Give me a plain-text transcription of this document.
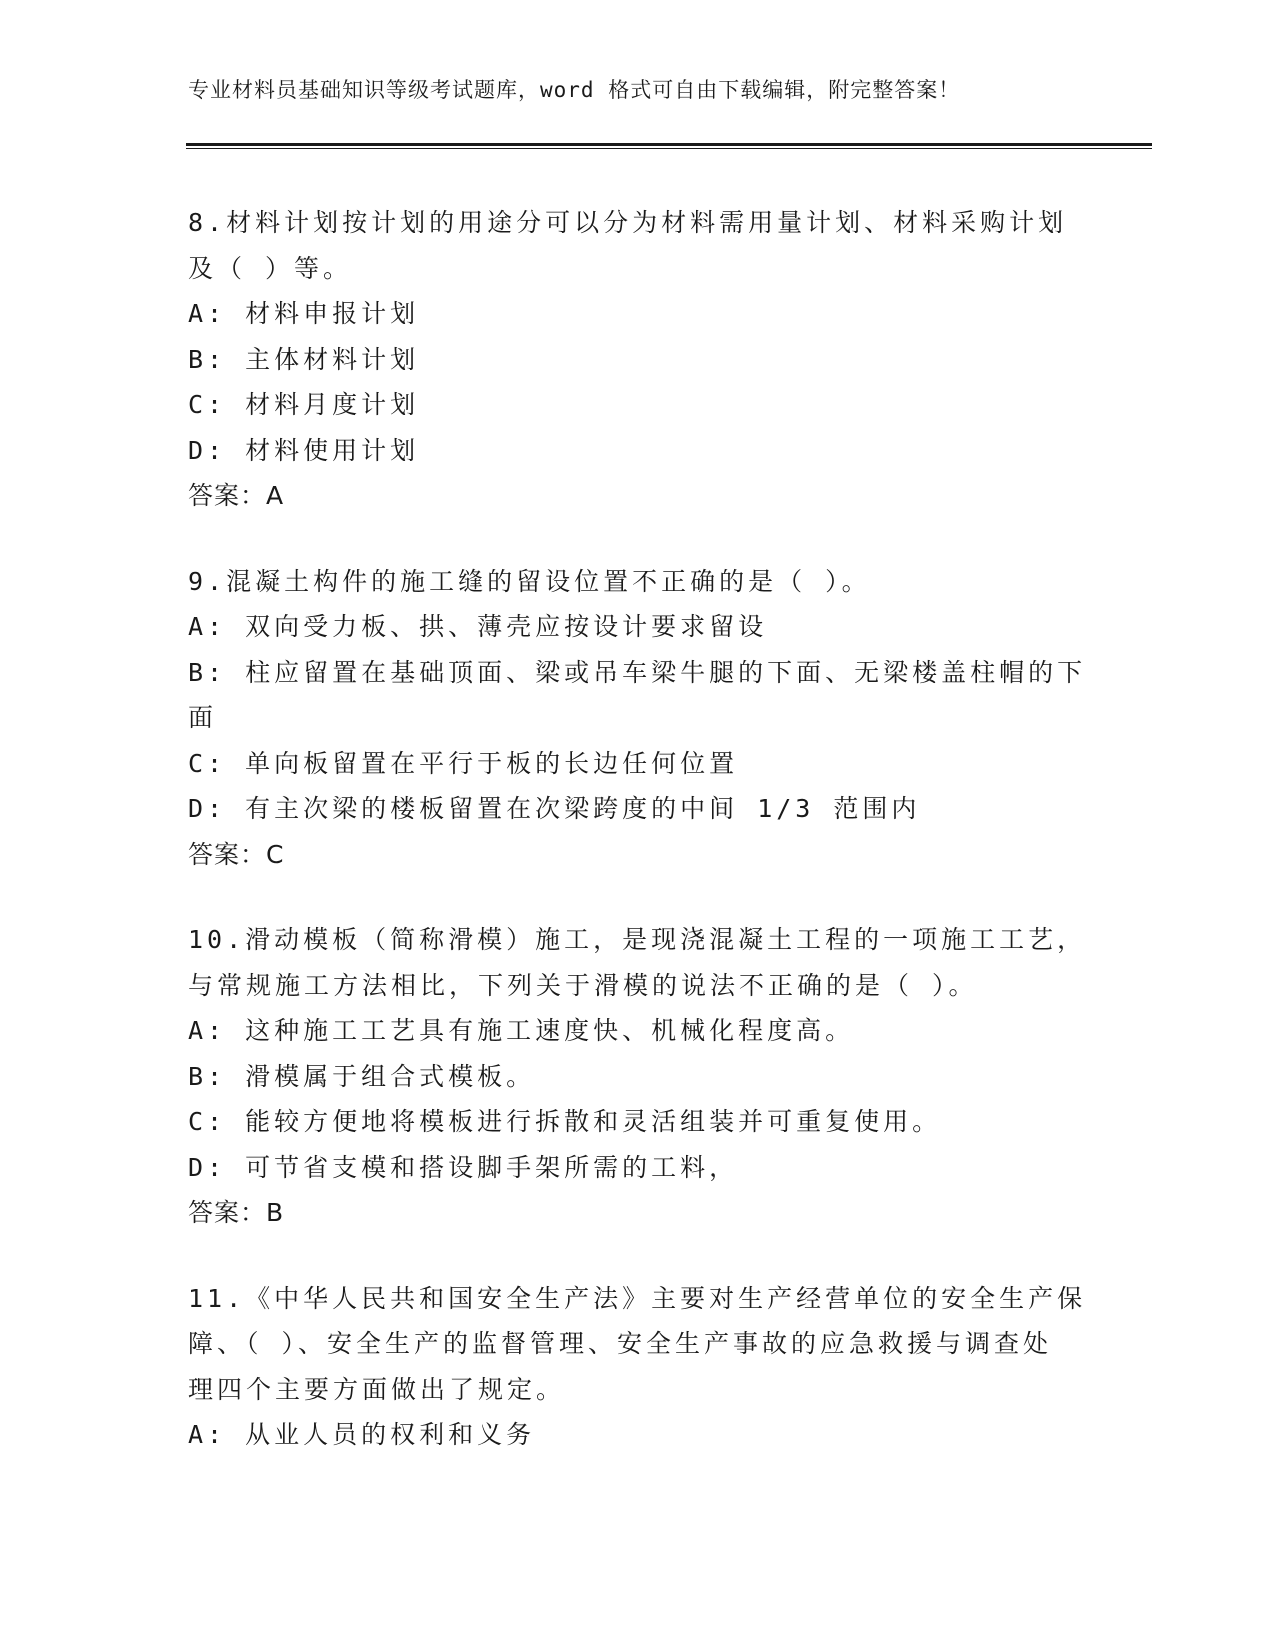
专业材料员基础知识等级考试题库，word 格式可自由下载编辑，附完整答案！
8.材料计划按计划的用途分可以分为材料需用量计划、材料采购计划
及（ ）等。
A: 材料申报计划
B: 主体材料计划
C: 材料月度计划
D: 材料使用计划
答案：A
9.混凝土构件的施工缝的留设位置不正确的是（ ）。
A: 双向受力板、拱、薄壳应按设计要求留设
B: 柱应留置在基础顶面、梁或吊车梁牛腿的下面、无梁楼盖柱帽的下
面
C: 单向板留置在平行于板的长边任何位置
D: 有主次梁的楼板留置在次梁跨度的中间 1/3 范围内
答案：C
10.滑动模板（简称滑模）施工，是现浇混凝土工程的一项施工工艺，
与常规施工方法相比，下列关于滑模的说法不正确的是（ ）。
A: 这种施工工艺具有施工速度快、机械化程度高。
B: 滑模属于组合式模板。
C: 能较方便地将模板进行拆散和灵活组装并可重复使用。
D: 可节省支模和搭设脚手架所需的工料，
答案：B
11.《中华人民共和国安全生产法》主要对生产经营单位的安全生产保
障、（ ）、安全生产的监督管理、安全生产事故的应急救援与调查处
理四个主要方面做出了规定。
A: 从业人员的权利和义务
